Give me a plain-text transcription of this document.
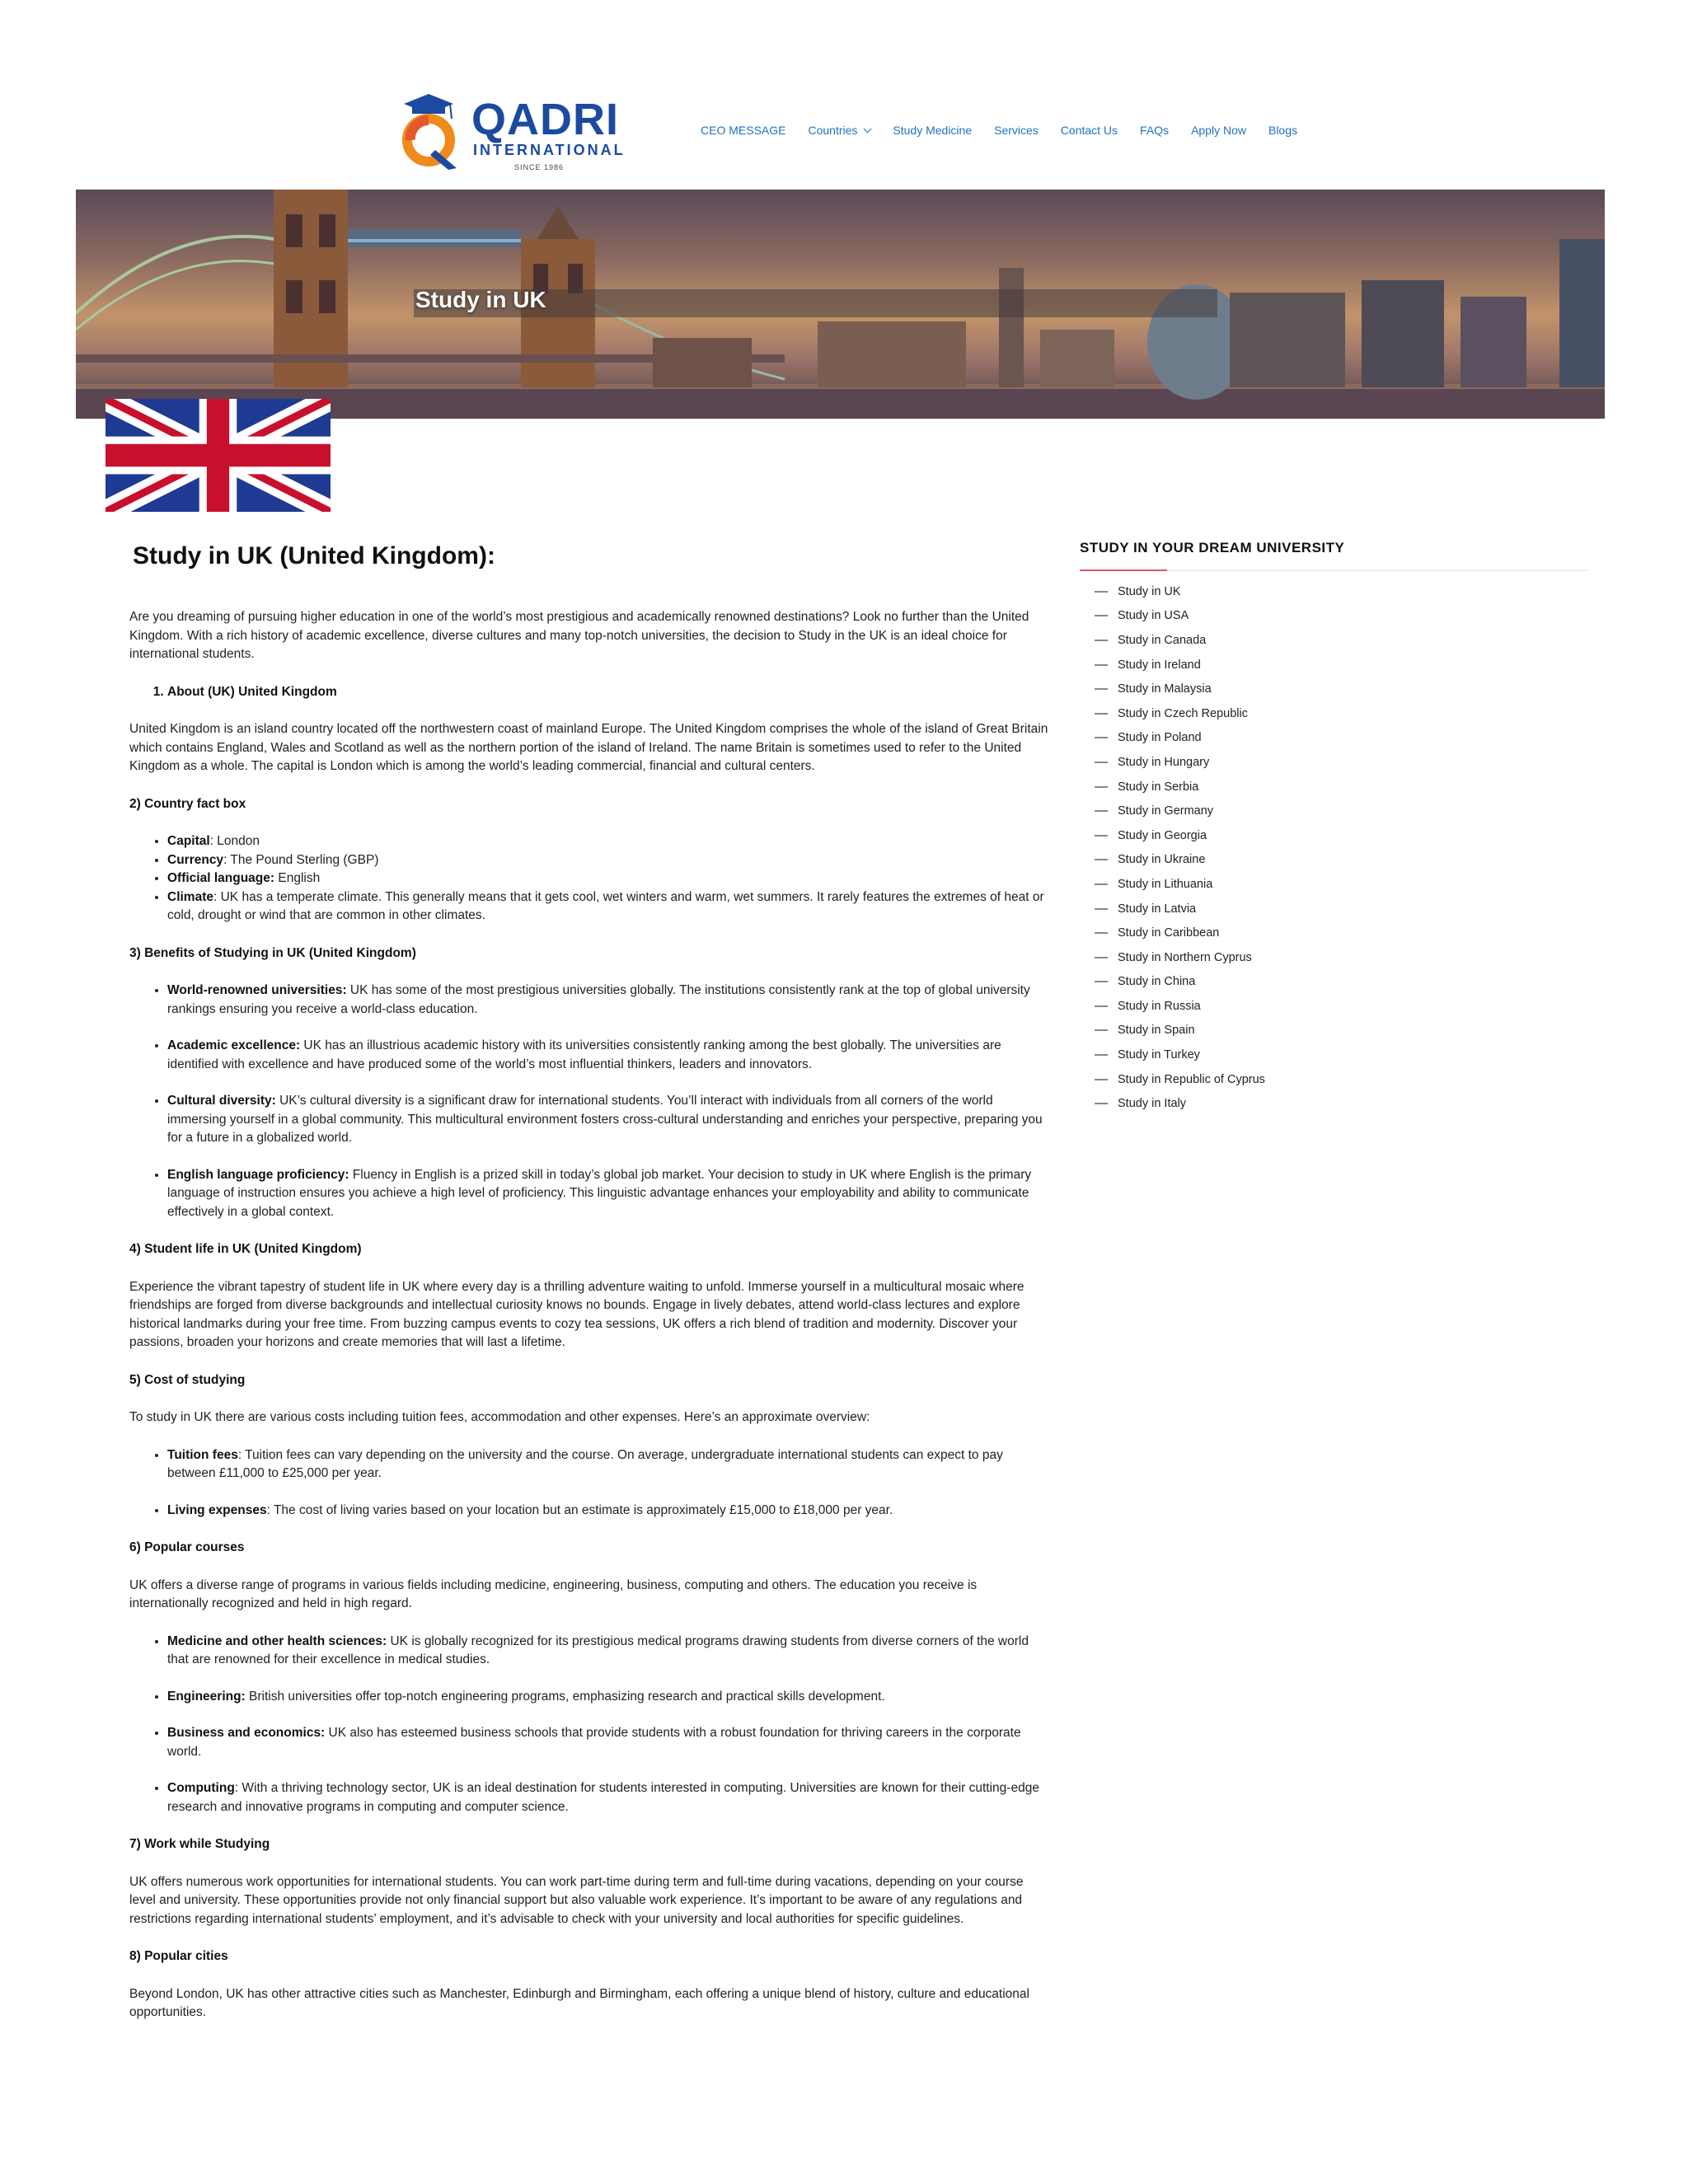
QADRI
INTERNATIONAL
SINCE 1986
CEO MESSAGE Countries	Study Medicine Services Contact Us FAQs Apply Now Blogs
Study in UK
Study in UK (United Kingdom):

Are you dreaming of pursuing higher education in one of the world’s most prestigious and academically renowned destinations? Look no further than the United Kingdom. With a rich history of academic excellence, diverse cultures and many top-notch universities, the decision to Study in the UK is an ideal choice for international students.

1. About (UK) United Kingdom

United Kingdom is an island country located off the northwestern coast of mainland Europe. The United Kingdom comprises the whole of the island of Great Britain which contains England, Wales and Scotland as well as the northern portion of the island of Ireland. The name Britain is sometimes used to refer to the United Kingdom as a whole. The capital is London which is among the world’s leading commercial, financial and cultural centers.

2) Country fact box
• Capital: London
• Currency: The Pound Sterling (GBP)
• Official language: English
• Climate: UK has a temperate climate. This generally means that it gets cool, wet winters and warm, wet summers. It rarely features the extremes of heat or cold, drought or wind that are common in other climates.
3) Benefits of Studying in UK (United Kingdom)
• World-renowned universities: UK has some of the most prestigious universities globally. The institutions consistently rank at the top of global university rankings ensuring you receive a world-class education.
• Academic excellence: UK has an illustrious academic history with its universities consistently ranking among the best globally. The universities are identified with excellence and have produced some of the world’s most influential thinkers, leaders and innovators.
• Cultural diversity: UK’s cultural diversity is a significant draw for international students. You’ll interact with individuals from all corners of the world immersing yourself in a global community. This multicultural environment fosters cross-cultural understanding and enriches your perspective, preparing you for a future in a globalized world.
• English language proficiency: Fluency in English is a prized skill in today’s global job market. Your decision to study in UK where English is the primary language of instruction ensures you achieve a high level of proficiency. This linguistic advantage enhances your employability and ability to communicate effectively in a global context.
4) Student life in UK (United Kingdom)

Experience the vibrant tapestry of student life in UK where every day is a thrilling adventure waiting to unfold. Immerse yourself in a multicultural mosaic where friendships are forged from diverse backgrounds and intellectual curiosity knows no bounds. Engage in lively debates, attend world-class lectures and explore historical landmarks during your free time. From buzzing campus events to cozy tea sessions, UK offers a rich blend of tradition and modernity. Discover your passions, broaden your horizons and create memories that will last a lifetime.

5) Cost of studying

To study in UK there are various costs including tuition fees, accommodation and other expenses. Here’s an approximate overview:

• Tuition fees: Tuition fees can vary depending on the university and the course. On average, undergraduate international students can expect to pay between £11,000 to £25,000 per year.
• Living expenses: The cost of living varies based on your location but an estimate is approximately £15,000 to £18,000 per year.
6) Popular courses

UK offers a diverse range of programs in various fields including medicine, engineering, business, computing and others. The education you receive is internationally recognized and held in high regard.

• Medicine and other health sciences: UK is globally recognized for its prestigious medical programs drawing students from diverse corners of the world that are renowned for their excellence in medical studies.
• Engineering: British universities offer top-notch engineering programs, emphasizing research and practical skills development.
• Business and economics: UK also has esteemed business schools that provide students with a robust foundation for thriving careers in the corporate world.
• Computing: With a thriving technology sector, UK is an ideal destination for students interested in computing. Universities are known for their cutting-edge research and innovative programs in computing and computer science.
7) Work while Studying

UK offers numerous work opportunities for international students. You can work part-time during term and full-time during vacations, depending on your course level and university. These opportunities provide not only financial support but also valuable work experience. It’s important to be aware of any regulations and restrictions regarding international students’ employment, and it’s advisable to check with your university and local authorities for specific guidelines.

8) Popular cities

Beyond London, UK has other attractive cities such as Manchester, Edinburgh and Birmingham, each offering a unique blend of history, culture and educational opportunities.

STUDY IN YOUR DREAM UNIVERSITY
Study in UK
Study in USA
Study in Canada
Study in Ireland
Study in Malaysia
Study in Czech Republic
Study in Poland
Study in Hungary
Study in Serbia
Study in Germany
Study in Georgia
Study in Ukraine
Study in Lithuania
Study in Latvia
Study in Caribbean
Study in Northern Cyprus
Study in China
Study in Russia
Study in Spain
Study in Turkey
Study in Republic of Cyprus
Study in Italy
